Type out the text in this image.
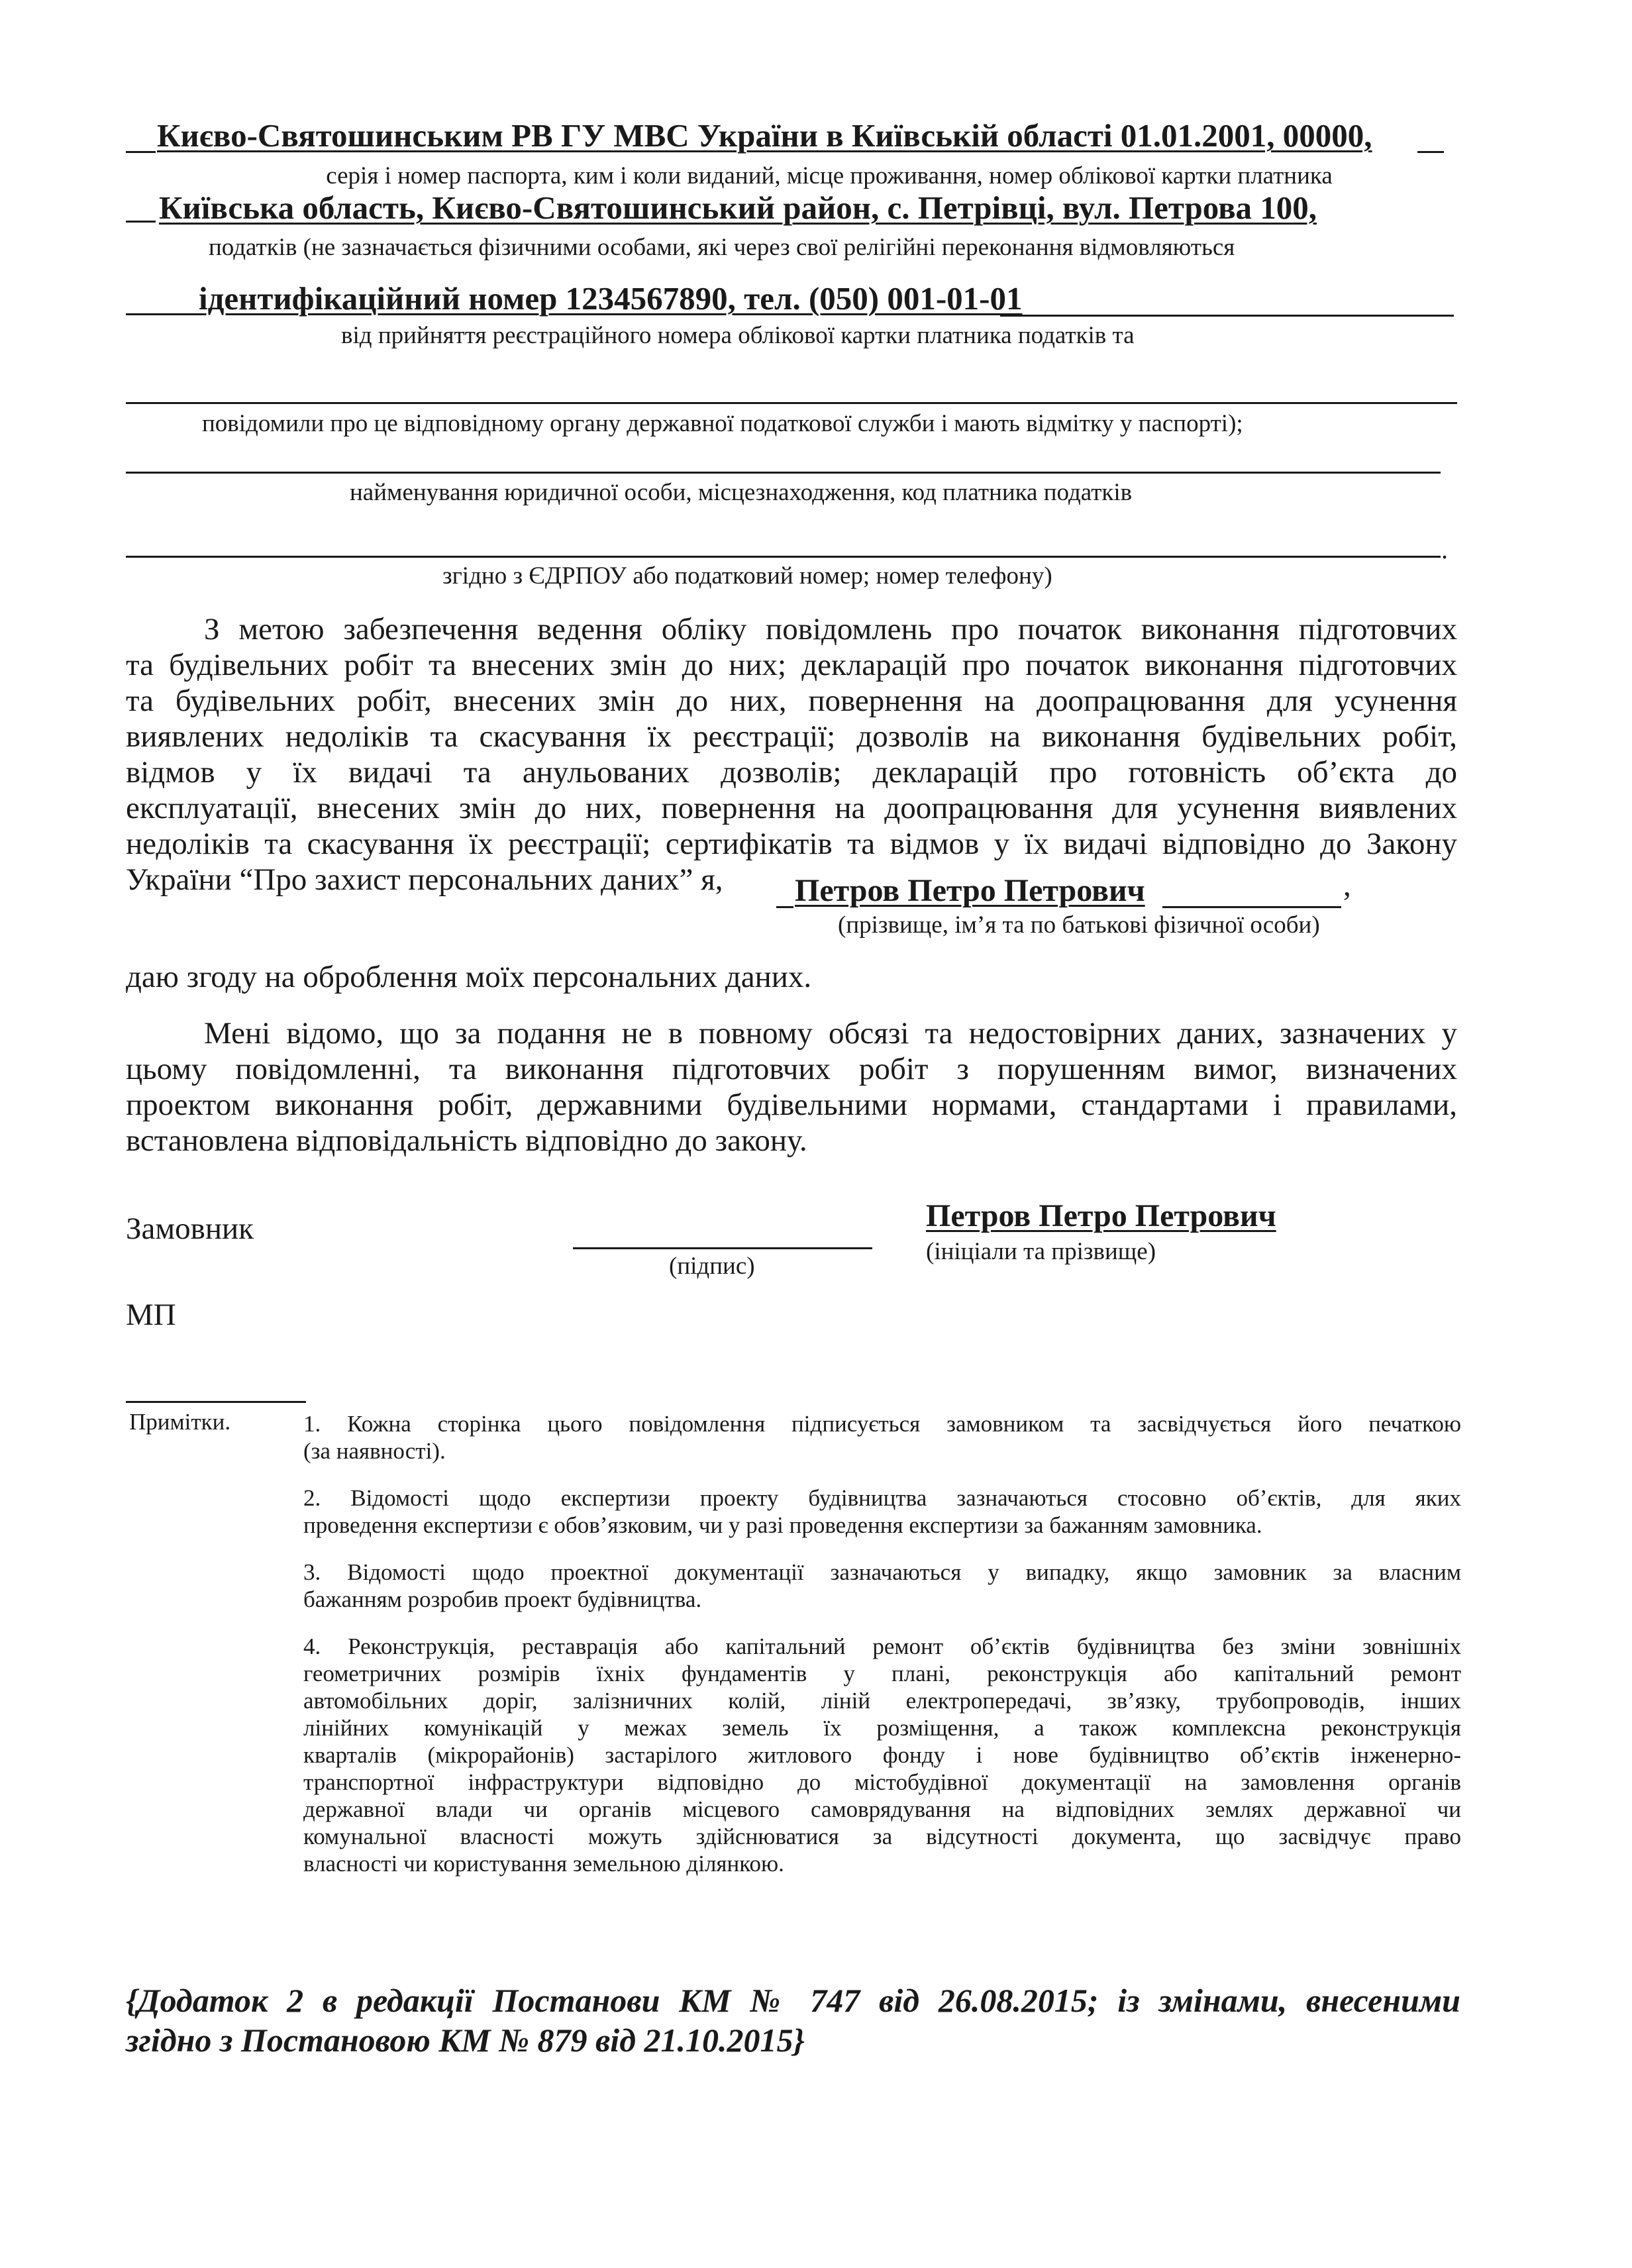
Києво-Святошинським РВ ГУ МВС України в Київській області 01.01.2001, 00000,
серія і номер паспорта, ким і коли виданий, місце проживання, номер облікової картки платника
Київська область, Києво-Святошинський район, с. Петрівці, вул. Петрова 100,
податків (не зазначається фізичними особами, які через свої релігійні переконання відмовляються
ідентифікаційний номер 1234567890, тел. (050) 001-01-01
від прийняття реєстраційного номера облікової картки платника податків та
повідомили про це відповідному органу державної податкової служби і мають відмітку у паспорті);
найменування юридичної особи, місцезнаходження, код платника податків
.
згідно з ЄДРПОУ або податковий номер; номер телефону)

З метою забезпечення ведення обліку повідомлень про початок виконання підготовчих

та будівельних робіт та внесених змін до них; декларацій про початок виконання підготовчих

та будівельних робіт, внесених змін до них, повернення на доопрацювання для усунення

виявлених недоліків та скасування їх реєстрації; дозволів на виконання будівельних робіт,

відмов у їх видачі та анульованих дозволів; декларацій про готовність об’єкта до

експлуатації, внесених змін до них, повернення на доопрацювання для усунення виявлених

недоліків та скасування їх реєстрації; сертифікатів та відмов у їх видачі відповідно до Закону

України “Про захист персональних даних” я, Петров Петро Петрович	,
(прізвище, ім’я та по батькові фізичної особи)
даю згоду на оброблення моїх персональних даних.

Мені відомо, що за подання не в повному обсязі та недостовірних даних, зазначених у

цьому повідомленні, та виконання підготовчих робіт з порушенням вимог, визначених

проектом виконання робіт, державними будівельними нормами, стандартами і правилами,

встановлена відповідальність відповідно до закону.

Замовник
(підпис)
Петров Петро Петрович
(ініціали та прізвище)
МП
Примітки.	1. Кожна сторінка цього повідомлення підписується замовником та засвідчується його печаткою
(за наявності).
2. Відомості щодо експертизи проекту будівництва зазначаються стосовно об’єктів, для яких
проведення експертизи є обов’язковим, чи у разі проведення експертизи за бажанням замовника.
3. Відомості щодо проектної документації зазначаються у випадку, якщо замовник за власним
бажанням розробив проект будівництва.
4. Реконструкція, реставрація або капітальний ремонт об’єктів будівництва без зміни зовнішніх
геометричних розмірів їхніх фундаментів у плані, реконструкція або капітальний ремонт
автомобільних доріг, залізничних колій, ліній електропередачі, зв’язку, трубопроводів, інших
лінійних комунікацій у межах земель їх розміщення, а також комплексна реконструкція
кварталів (мікрорайонів) застарілого житлового фонду і нове будівництво об’єктів інженерно-
транспортної інфраструктури відповідно до містобудівної документації на замовлення органів
державної влади чи органів місцевого самоврядування на відповідних землях державної чи
комунальної власності можуть здійснюватися за відсутності документа, що засвідчує право
власності чи користування земельною ділянкою.
{Додаток 2 в редакції Постанови КМ № 747 від 26.08.2015; із змінами, внесеними
згідно з Постановою КМ № 879 від 21.10.2015}
